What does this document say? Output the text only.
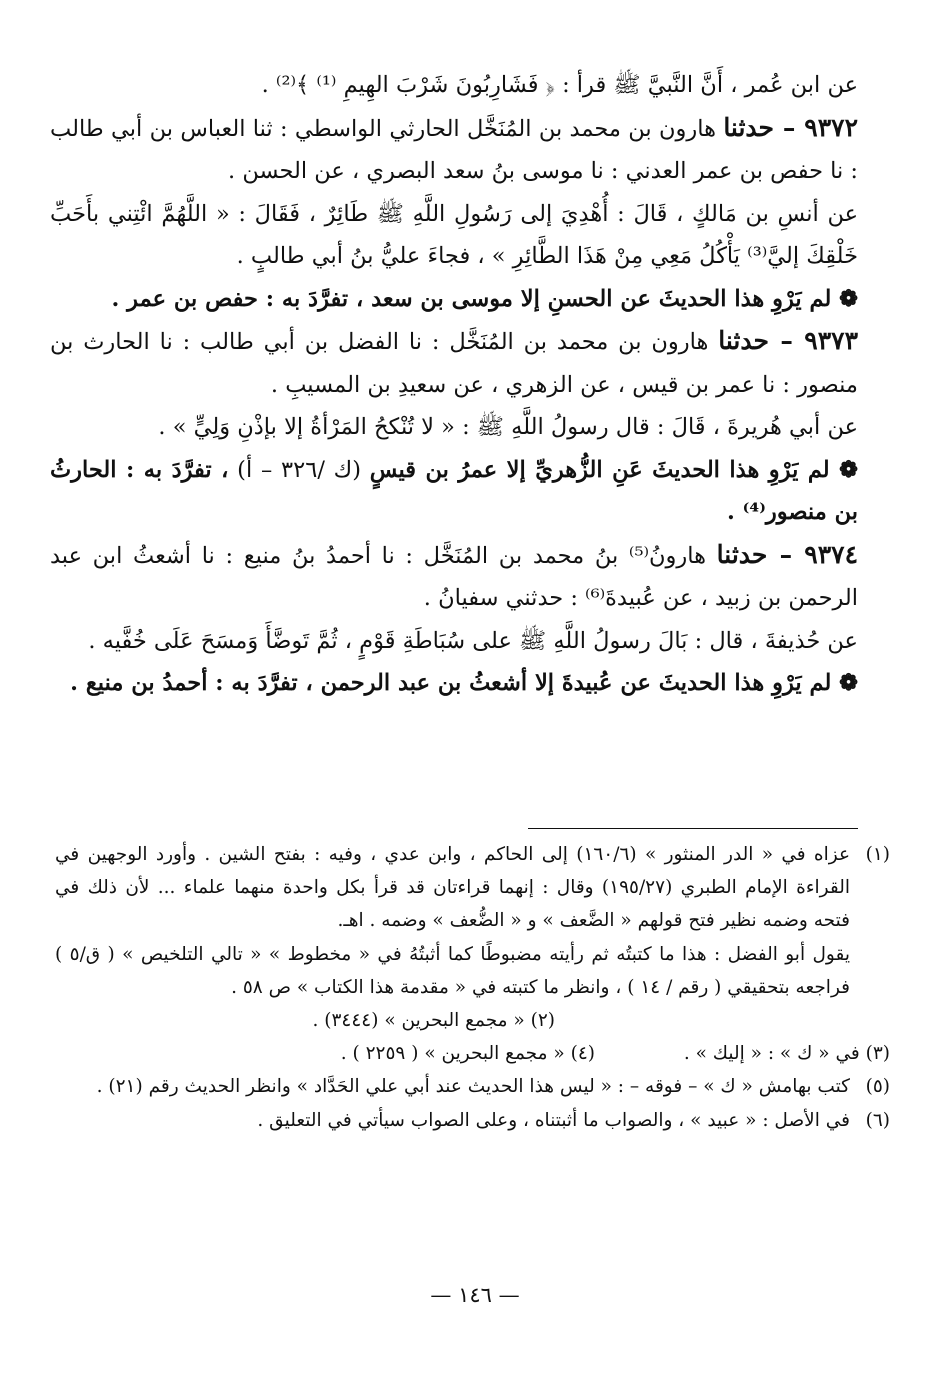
عن ابن عُمر ، أَنَّ النَّبيَّ ﷺ قرأ : ﴿ فَشَارِبُونَ شَرْبَ الهِيمِ ⁽¹⁾ ﴾⁽²⁾ .

٩٣٧٢ – حدثنا هارون بن محمد بن المُنَخَّل الحارثي الواسطي : ثنا العباس بن أبي طالب : نا حفص بن عمر العدني : نا موسى بنُ سعد البصري ، عن الحسن .

عن أنسِ بن مَالكٍ ، قَالَ : أُهْدِيَ إلى رَسُولِ اللَّهِ ﷺ طَائِرٌ ، فَقَالَ : « اللَّهُمَّ ائْتِني بأَحَبِّ خَلْقِكَ إليَّ⁽³⁾ يَأْكُلُ مَعِي مِنْ هَذَا الطَّائِرِ » ، فجاءَ عليُّ بنُ أبي طالبٍ .

❁ لم يَرْوِ هذا الحديثَ عن الحسنِ إلا موسى بن سعد ، تفرَّدَ به : حفص بن عمر .

٩٣٧٣ – حدثنا هارون بن محمد بن المُنَخَّل : نا الفضل بن أبي طالب : نا الحارث بن منصور : نا عمر بن قيس ، عن الزهري ، عن سعيدِ بن المسيبِ .

عن أبي هُريرةَ ، قَالَ : قال رسولُ اللَّهِ ﷺ : « لا تُنْكحُ المَرْأةُ إلا بإذْنِ وَلِيٍّ » .

❁ لم يَرْوِ هذا الحديثَ عَنِ الزُّهريِّ إلا عمرُ بن قيسٍ (ك /٣٢٦ – أ) ، تفرَّدَ به : الحارثُ بن منصور⁽⁴⁾ .

٩٣٧٤ – حدثنا هارونُ⁽⁵⁾ بنُ محمد بن المُنَخَّل : نا أحمدُ بنُ منيع : نا أشعثُ ابن عبد الرحمن بن زبيد ، عن عُبيدةَ⁽⁶⁾ : حدثني سفيانُ .

عن حُذيفةَ ، قال : بَالَ رسولُ اللَّهِ ﷺ على سُبَاطَةِ قَوْمٍ ، ثُمَّ تَوضَّأَ وَمسَحَ عَلَى خُفَّيه .

❁ لم يَرْوِ هذا الحديثَ عن عُبيدةَ إلا أشعثُ بن عبد الرحمن ، تفرَّدَ به : أحمدُ بن منيع .

(١)
عزاه في « الدر المنثور » (١٦٠/٦) إلى الحاكم ، وابن عدي ، وفيه : بفتح الشين . وأورد الوجهين في القراءة الإمام الطبري (١٩٥/٢٧) وقال : إنهما قراءتان قد قرأ بكل واحدة منهما علماء ... لأن ذلك في فتحه وضمه نظير فتح قولهم « الضَّعف » و « الضُّعف » وضمه . اهـ.
يقول أبو الفضل : هذا ما كتبتُه ثم رأيته مضبوطًا كما أثبتُهُ في « مخطوط » « تالي التلخيص » ( ق/٥ ) فراجعه بتحقيقي ( رقم / ١٤ ) ، وانظر ما كتبته في « مقدمة هذا الكتاب » ص ٥٨ .
(٢) « مجمع البحرين » (٣٤٤٤) .
(٣) في « ك » : « إليك » .
(٤) « مجمع البحرين » ( ٢٢٥٩ ) .
(٥)
كتب بهامش « ك » – فوقه – : « ليس هذا الحديث عند أبي علي الحَدَّاد » وانظر الحديث رقم (٢١) .
(٦)
في الأصل : « عبيد » ، والصواب ما أثبتناه ، وعلى الصواب سيأتي في التعليق .
— ١٤٦ —
